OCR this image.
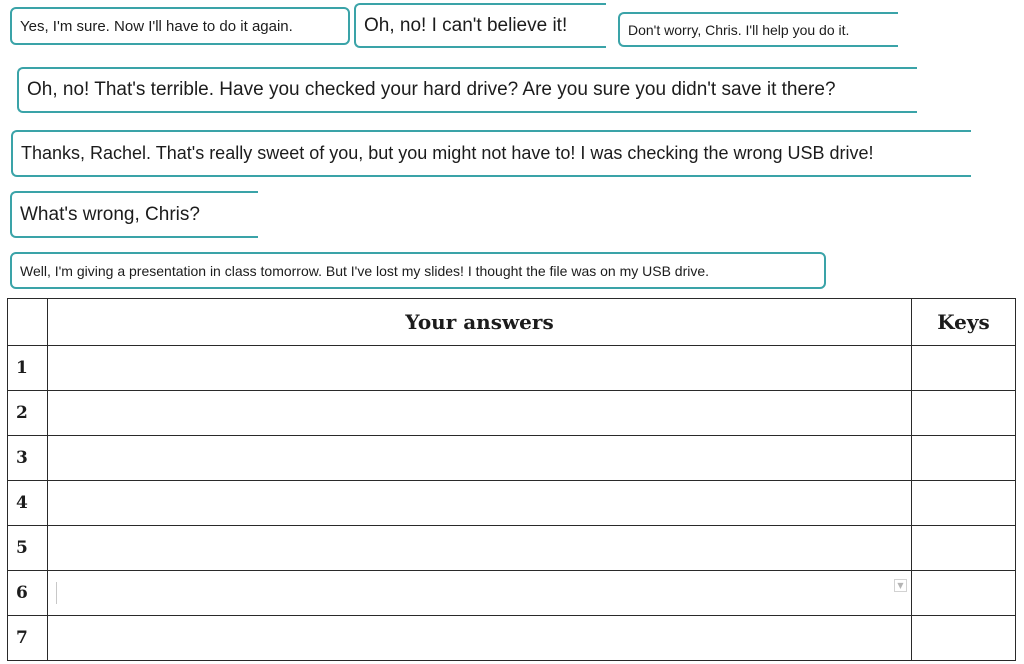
Yes, I'm sure. Now I'll have to do it again.	Oh, no! I can't believe it!	Don't worry, Chris. I'll help you do it.
Oh, no! That's terrible. Have you checked your hard drive? Are you sure you didn't save it there?
Thanks, Rachel. That's really sweet of you, but you might not have to! I was checking the wrong USB drive!
What's wrong, Chris?
Well, I'm giving a presentation in class tomorrow. But I've lost my slides! I thought the file was on my USB drive.
	Your answers	Keys
1		
2		
3		
4		
5		
6	▼	

7		
